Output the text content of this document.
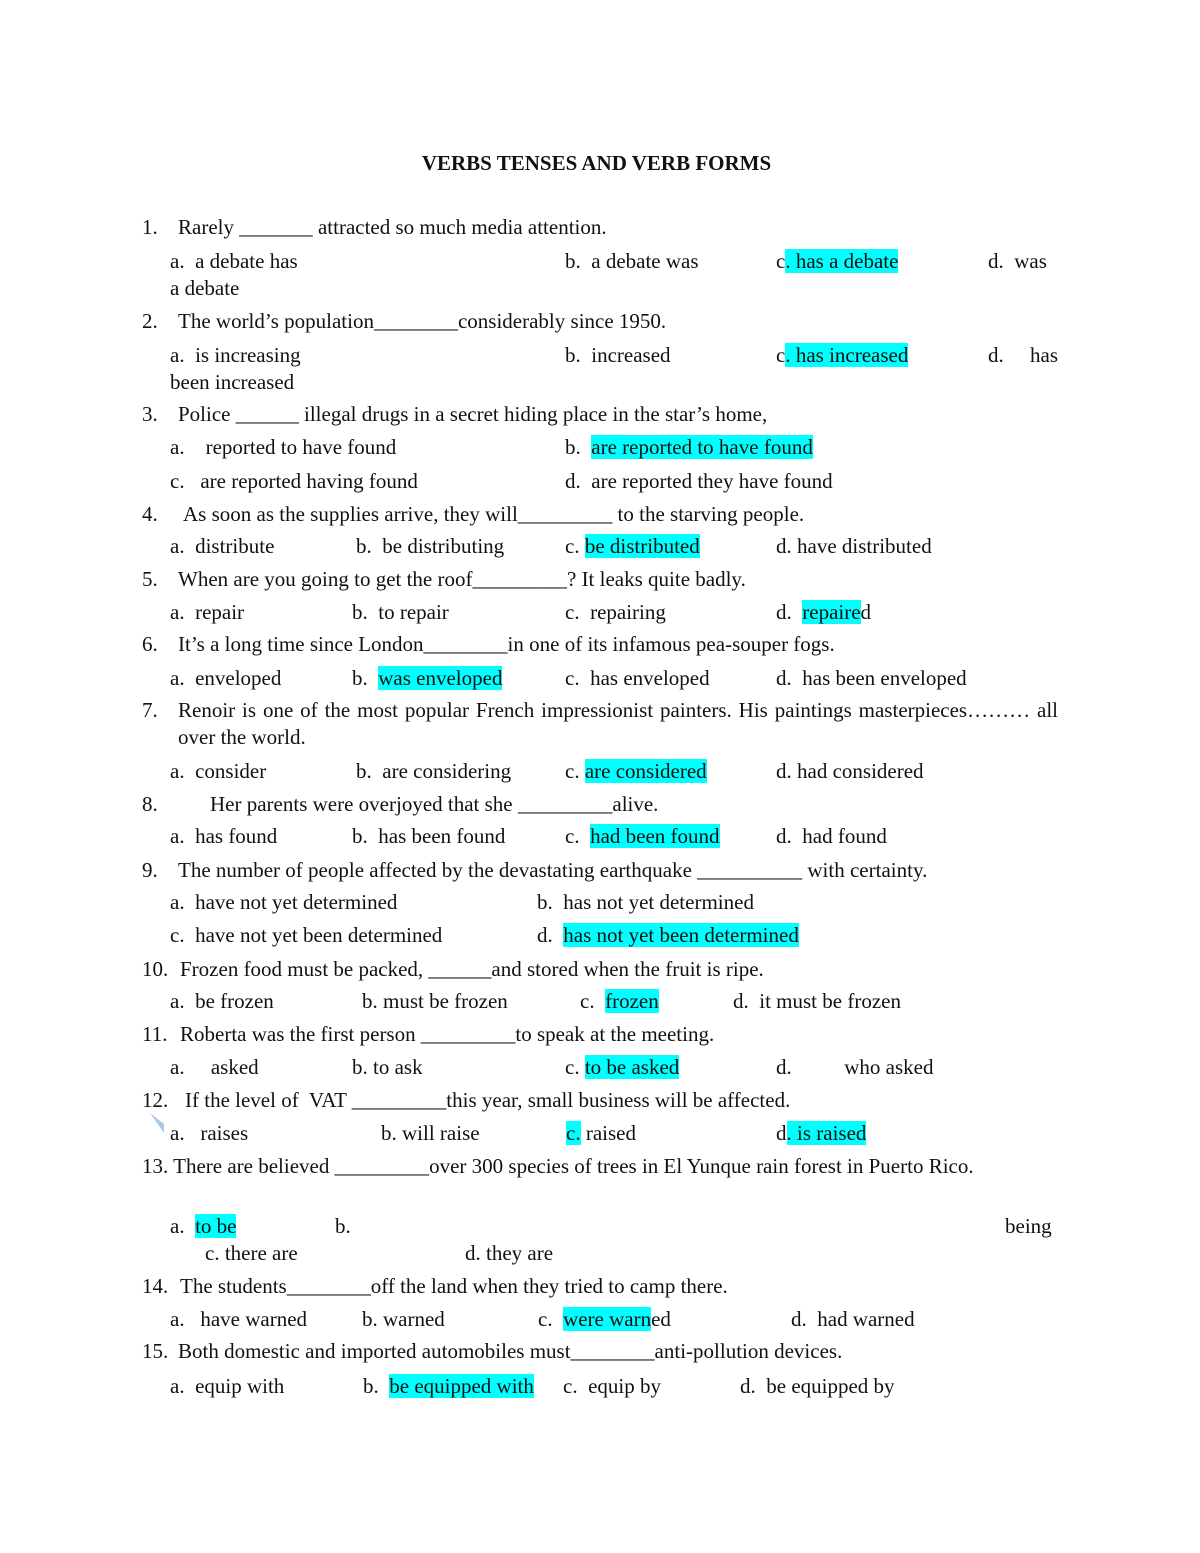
VERBS TENSES AND VERB FORMS
1. Rarely _______ attracted so much media attention.
a.  a debate has	b.  a debate was	c. has a debate	d.  was
a debate
2. The world’s population________considerably since 1950.
a.  is increasing	b.  increased	c. has increased	d.     has
been increased
3. Police ______ illegal drugs in a secret hiding place in the star’s home,
a.    reported to have found	b.  are reported to have found
c.   are reported having found	d.  are reported they have found
4. As soon as the supplies arrive, they will_________ to the starving people.
a.  distribute	b.  be distributing	c. be distributed	d. have distributed
5. When are you going to get the roof_________? It leaks quite badly.
a.  repair	b.  to repair	c.  repairing	d.  repaired
6. It’s a long time since London________in one of its infamous pea-souper fogs.
a.  enveloped	b.  was enveloped	c.  has enveloped	d.  has been enveloped
7. Renoir is one of the most popular French impressionist painters. His paintings masterpieces……… all over the world.
a.  consider	b.  are considering	c. are considered	d. had considered
8. Her parents were overjoyed that she _________alive.
a.  has found	b.  has been found	c.  had been found	d.  had found
9. The number of people affected by the devastating earthquake __________ with certainty.
a.  have not yet determined	b.  has not yet determined
c.  have not yet been determined	d.  has not yet been determined
10. Frozen food must be packed, ______and stored when the fruit is ripe.
a.  be frozen	b. must be frozen	c.  frozen	d.  it must be frozen
11. Roberta was the first person _________to speak at the meeting.
a.     asked	b. to ask	c. to be asked	d.          who asked
12. If the level of  VAT _________this year, small business will be affected.
a.   raises	b. will raise	c. raised	d. is raised
13. There are believed _________over 300 species of trees in El Yunque rain forest in Puerto Rico.
a.  to be	b.	being
c. there are	d. they are
14. The students________off the land when they tried to camp there.
a.   have warned	b. warned	c.  were warned	d.  had warned
15. Both domestic and imported automobiles must________anti-pollution devices.
a.  equip with	b.  be equipped with c.  equip by	d.  be equipped by
